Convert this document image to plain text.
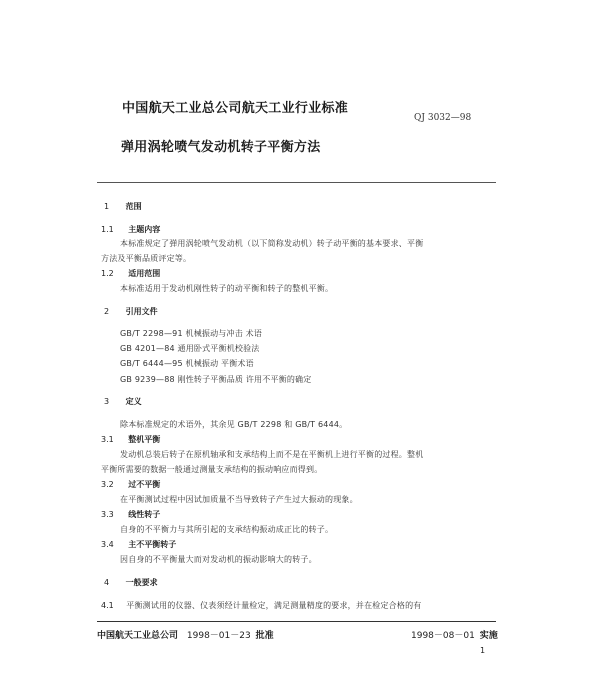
中国航天工业总公司航天工业行业标准
QJ 3032—98
弹用涡轮喷气发动机转子平衡方法
1 范围
1.1 主题内容
本标准规定了弹用涡轮喷气发动机（以下简称发动机）转子动平衡的基本要求、平衡
方法及平衡品质评定等。
1.2 适用范围
本标准适用于发动机刚性转子的动平衡和转子的整机平衡。
2 引用文件
GB/T 2298—91 机械振动与冲击 术语
GB 4201—84 通用卧式平衡机校验法
GB/T 6444—95 机械振动 平衡术语
GB 9239—88 刚性转子平衡品质 许用不平衡的确定
3 定义
除本标准规定的术语外，其余见 GB/T 2298 和 GB/T 6444。
3.1 整机平衡
发动机总装后转子在原机轴承和支承结构上而不是在平衡机上进行平衡的过程。整机
平衡所需要的数据一般通过测量支承结构的振动响应而得到。
3.2 过不平衡
在平衡测试过程中因试加质量不当导致转子产生过大振动的现象。
3.3 线性转子
自身的不平衡力与其所引起的支承结构振动成正比的转子。
3.4 主不平衡转子
因自身的不平衡量大而对发动机的振动影响大的转子。
4 一般要求
4.1 平衡测试用的仪器、仪表须经计量检定，满足测量精度的要求，并在检定合格的有
中国航天工业总公司 1998－01－23 批准	1998－08－01 实施
1
